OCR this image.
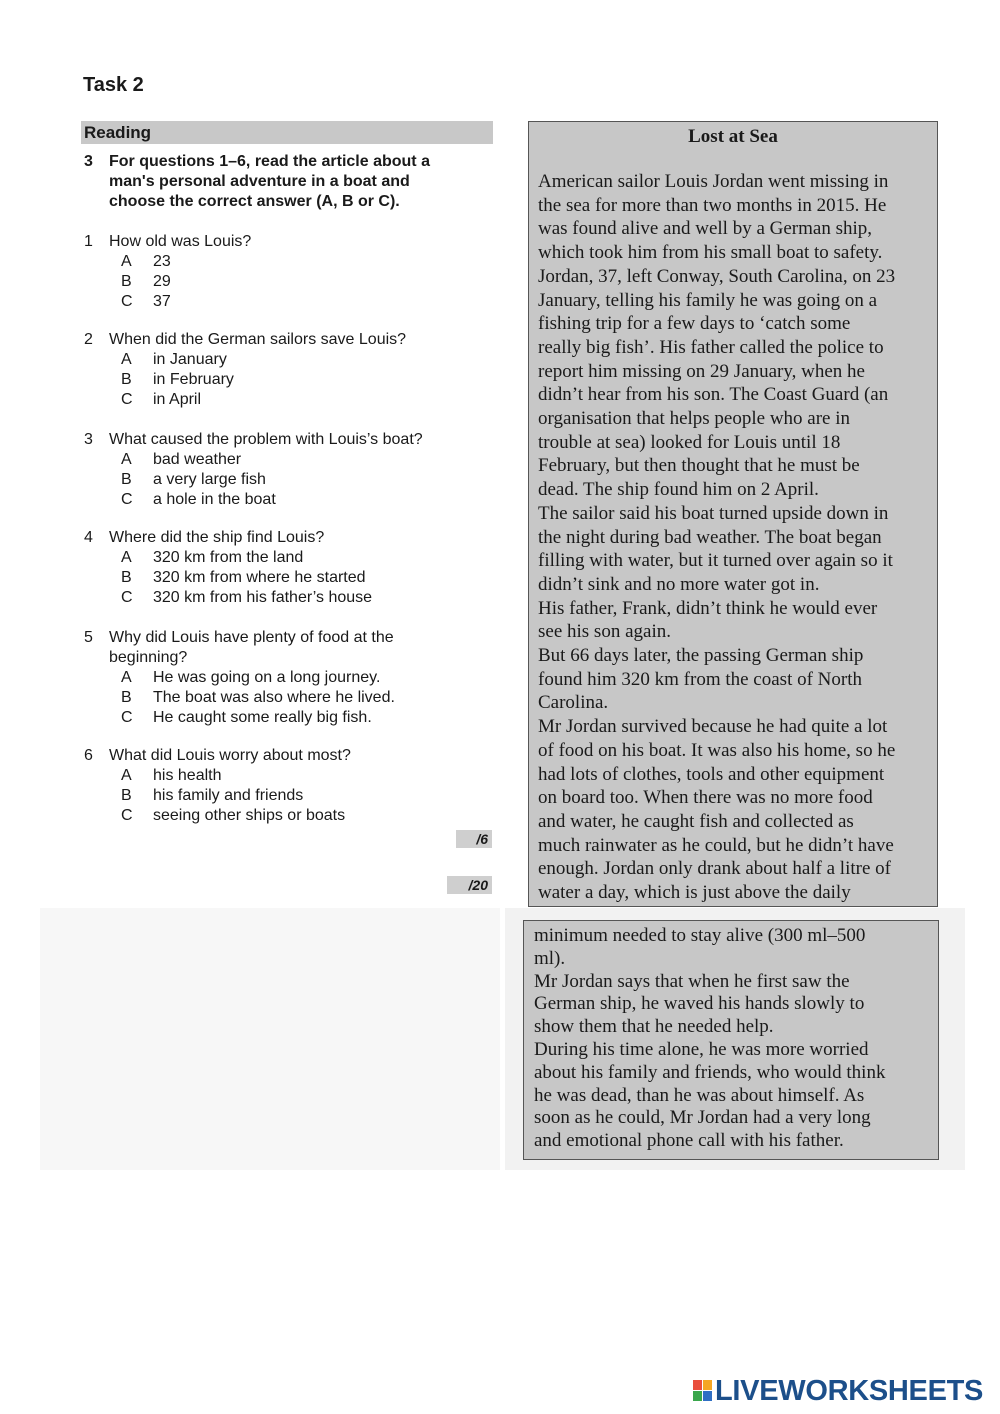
Task 2
Reading
3 For questions 1–6, read the article about a
man's personal adventure in a boat and
choose the correct answer (A, B or C).
1 How old was Louis?
A 23
B 29
C 37
2 When did the German sailors save Louis?
A in January
B in February
C in April
3 What caused the problem with Louis’s boat?
A bad weather
B a very large fish
C a hole in the boat
4 Where did the ship find Louis?
A 320 km from the land
B 320 km from where he started
C 320 km from his father’s house
5 Why did Louis have plenty of food at the
beginning?
A He was going on a long journey.
B The boat was also where he lived.
C He caught some really big fish.
6 What did Louis worry about most?
A his health
B his family and friends
C seeing other ships or boats
/6
/20
Lost at Sea
American sailor Louis Jordan went missing in
the sea for more than two months in 2015. He
was found alive and well by a German ship,
which took him from his small boat to safety.
Jordan, 37, left Conway, South Carolina, on 23
January, telling his family he was going on a
fishing trip for a few days to ‘catch some
really big fish’. His father called the police to
report him missing on 29 January, when he
didn’t hear from his son. The Coast Guard (an
organisation that helps people who are in
trouble at sea) looked for Louis until 18
February, but then thought that he must be
dead. The ship found him on 2 April.
The sailor said his boat turned upside down in
the night during bad weather. The boat began
filling with water, but it turned over again so it
didn’t sink and no more water got in.
His father, Frank, didn’t think he would ever
see his son again.
But 66 days later, the passing German ship
found him 320 km from the coast of North
Carolina.
Mr Jordan survived because he had quite a lot
of food on his boat. It was also his home, so he
had lots of clothes, tools and other equipment
on board too. When there was no more food
and water, he caught fish and collected as
much rainwater as he could, but he didn’t have
enough. Jordan only drank about half a litre of
water a day, which is just above the daily
minimum needed to stay alive (300 ml–500
ml).
Mr Jordan says that when he first saw the
German ship, he waved his hands slowly to
show them that he needed help.
During his time alone, he was more worried
about his family and friends, who would think
he was dead, than he was about himself. As
soon as he could, Mr Jordan had a very long
and emotional phone call with his father.
LIVEWORKSHEETS
